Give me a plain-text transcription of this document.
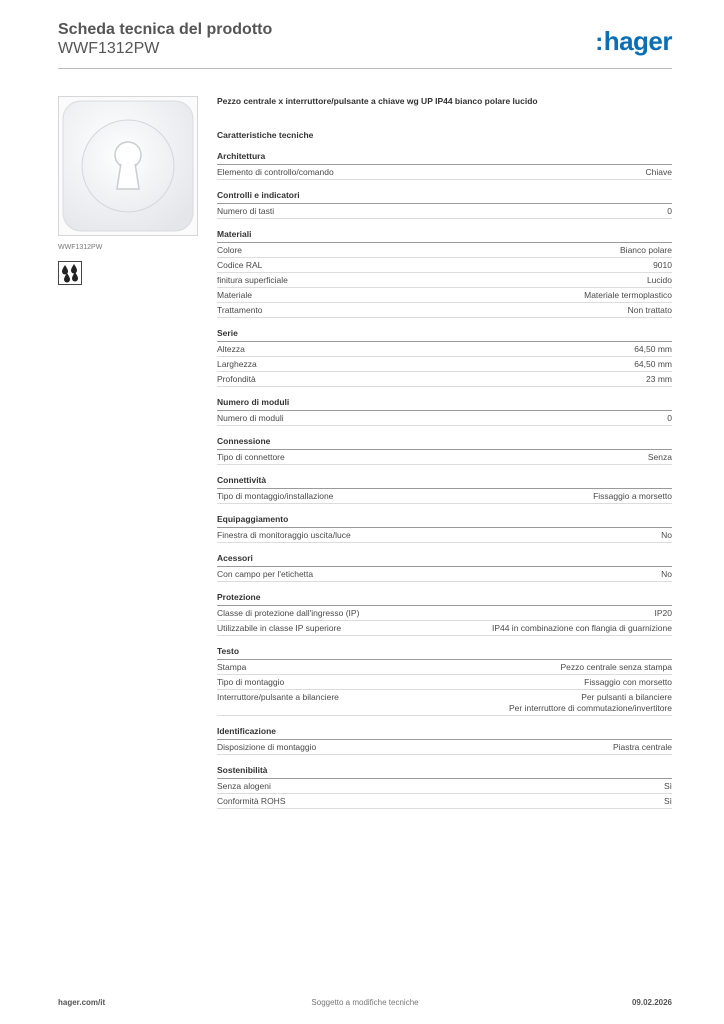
Scheda tecnica del prodotto
WWF1312PW	:hager
WWF1312PW
Pezzo centrale x interruttore/pulsante a chiave wg UP IP44 bianco polare lucido
Caratteristiche tecniche
Architettura
Elemento di controllo/comando	Chiave
Controlli e indicatori
Numero di tasti	0
Materiali
Colore	Bianco polare
Codice RAL	9010
finitura superficiale	Lucido
Materiale	Materiale termoplastico
Trattamento	Non trattato
Serie
Altezza	64,50 mm
Larghezza	64,50 mm
Profondità	23 mm
Numero di moduli
Numero di moduli	0
Connessione
Tipo di connettore	Senza
Connettività
Tipo di montaggio/installazione	Fissaggio a morsetto
Equipaggiamento
Finestra di monitoraggio uscita/luce	No
Acessori
Con campo per l'etichetta	No
Protezione
Classe di protezione dall'ingresso (IP)	IP20
Utilizzabile in classe IP superiore	IP44 in combinazione con flangia di guarnizione
Testo
Stampa	Pezzo centrale senza stampa
Tipo di montaggio	Fissaggio con morsetto
Interruttore/pulsante a bilanciere	Per pulsanti a bilanciere
Per interruttore di commutazione/invertitore
Identificazione
Disposizione di montaggio	Piastra centrale
Sostenibilità
Senza alogeni	Sì
Conformità ROHS	Sì
hager.com/it	Soggetto a modifiche tecniche	09.02.2026
